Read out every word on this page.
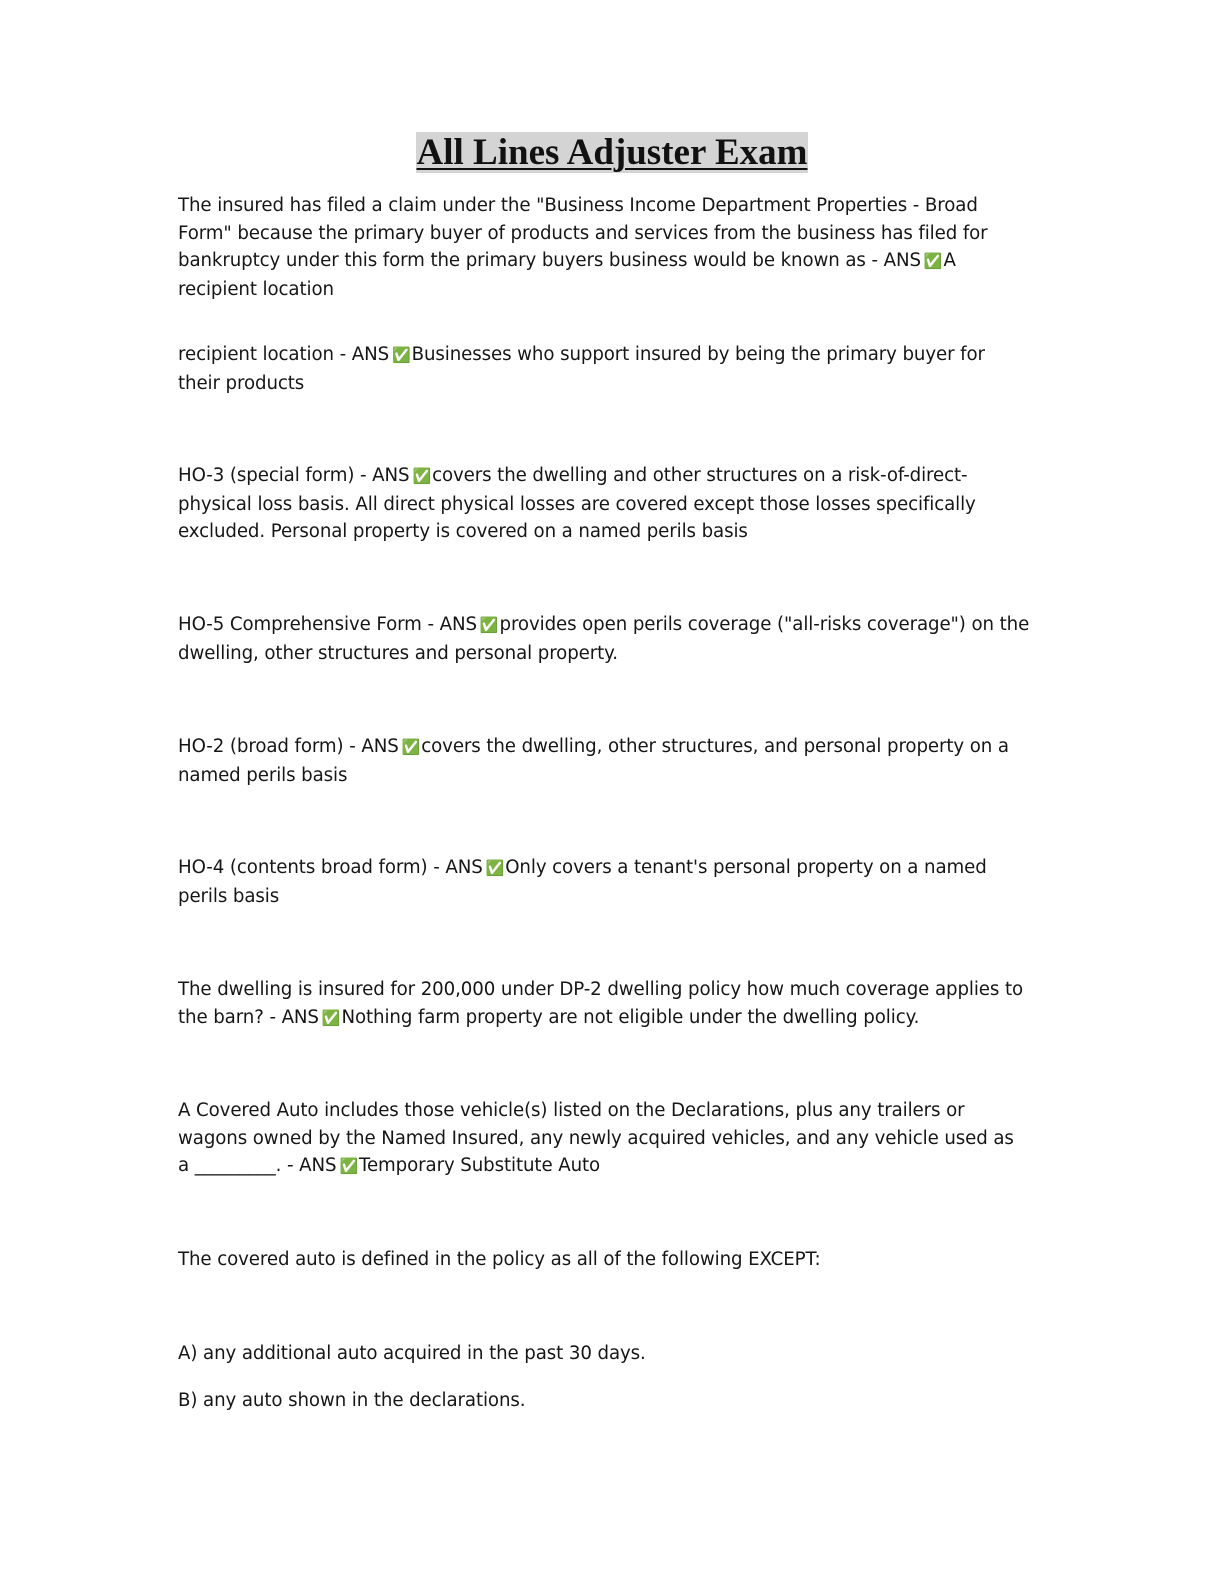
All Lines Adjuster Exam

The insured has filed a claim under the "Business Income Department Properties - Broad Form" because the primary buyer of products and services from the business has filed for bankruptcy under this form the primary buyers business would be known as - ANS ✅A recipient location

recipient location - ANS ✅Businesses who support insured by being the primary buyer for their products

HO-3 (special form) - ANS ✅covers the dwelling and other structures on a risk-of-direct-physical loss basis. All direct physical losses are covered except those losses specifically excluded. Personal property is covered on a named perils basis

HO-5 Comprehensive Form - ANS ✅provides open perils coverage ("all-risks coverage") on the dwelling, other structures and personal property.

HO-2 (broad form) - ANS ✅covers the dwelling, other structures, and personal property on a named perils basis

HO-4 (contents broad form) - ANS ✅Only covers a tenant's personal property on a named perils basis

The dwelling is insured for 200,000 under DP-2 dwelling policy how much coverage applies to the barn? - ANS ✅Nothing farm property are not eligible under the dwelling policy.

A Covered Auto includes those vehicle(s) listed on the Declarations, plus any trailers or wagons owned by the Named Insured, any newly acquired vehicles, and any vehicle used as a _________. - ANS ✅Temporary Substitute Auto

The covered auto is defined in the policy as all of the following EXCEPT:

A) any additional auto acquired in the past 30 days.

B) any auto shown in the declarations.
